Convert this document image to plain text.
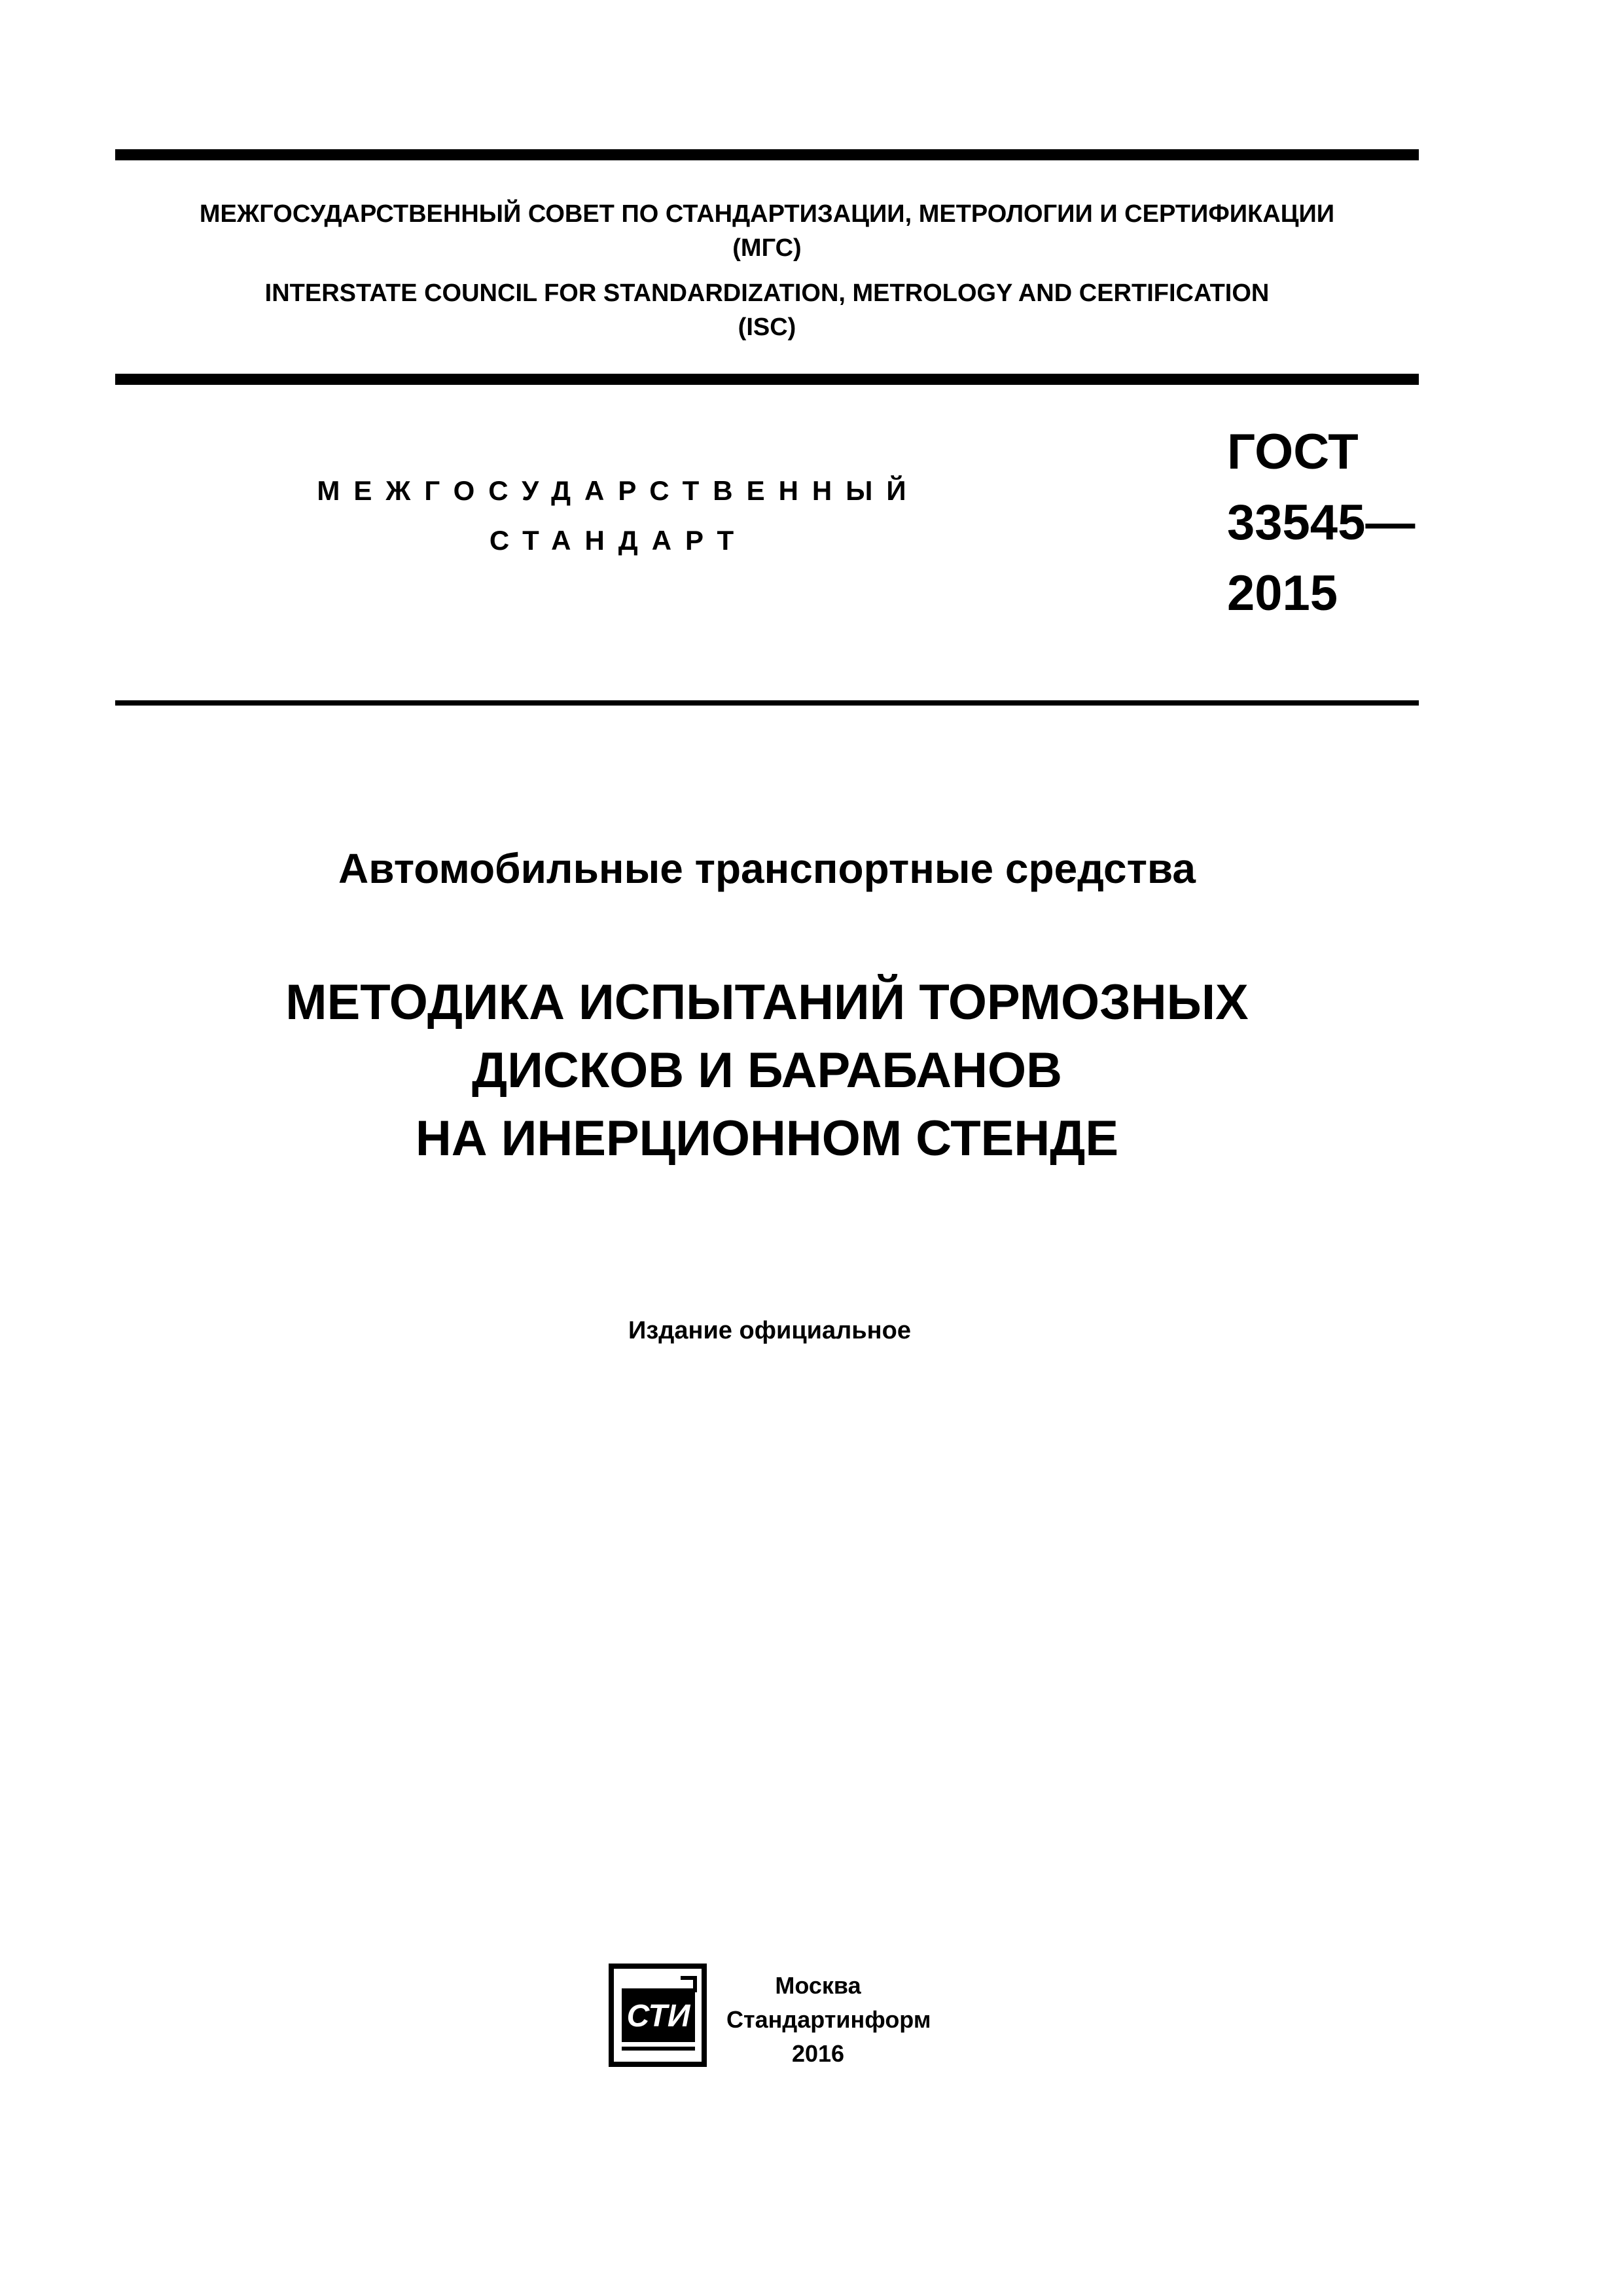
МЕЖГОСУДАРСТВЕННЫЙ СОВЕТ ПО СТАНДАРТИЗАЦИИ, МЕТРОЛОГИИ И СЕРТИФИКАЦИИ
(МГС)
INTERSTATE COUNCIL FOR STANDARDIZATION, METROLOGY AND CERTIFICATION
(ISC)
МЕЖГОСУДАРСТВЕННЫЙ
СТАНДАРТ
ГОСТ
33545—
2015
Автомобильные транспортные средства
МЕТОДИКА ИСПЫТАНИЙ ТОРМОЗНЫХ
ДИСКОВ И БАРАБАНОВ
НА ИНЕРЦИОННОМ СТЕНДЕ
Издание официальное
СТИ
Москва
Стандартинформ
2016
